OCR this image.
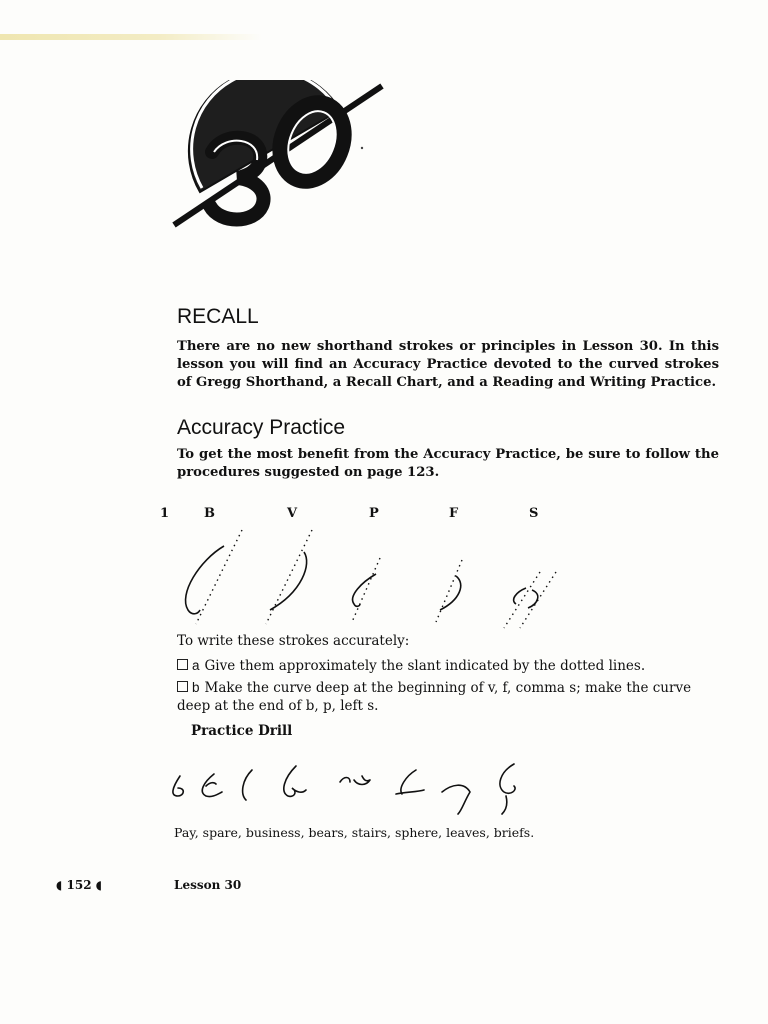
RECALL

There are no new shorthand strokes or principles in Lesson 30. In this lesson you will find an Accuracy Practice devoted to the curved strokes of Gregg Shorthand, a Recall Chart, and a Reading and Writing Practice.

Accuracy Practice

To get the most benefit from the Accuracy Practice, be sure to follow the procedures suggested on page 123.

1	B	V	P	F	S

To write these strokes accurately:

a Give them approximately the slant indicated by the dotted lines.

b Make the curve deep at the beginning of v, f, comma s; make the curve deep at the end of b, p, left s.

Practice Drill

Pay, spare, business, bears, stairs, sphere, leaves, briefs.

◖ 152 ◖	Lesson 30
